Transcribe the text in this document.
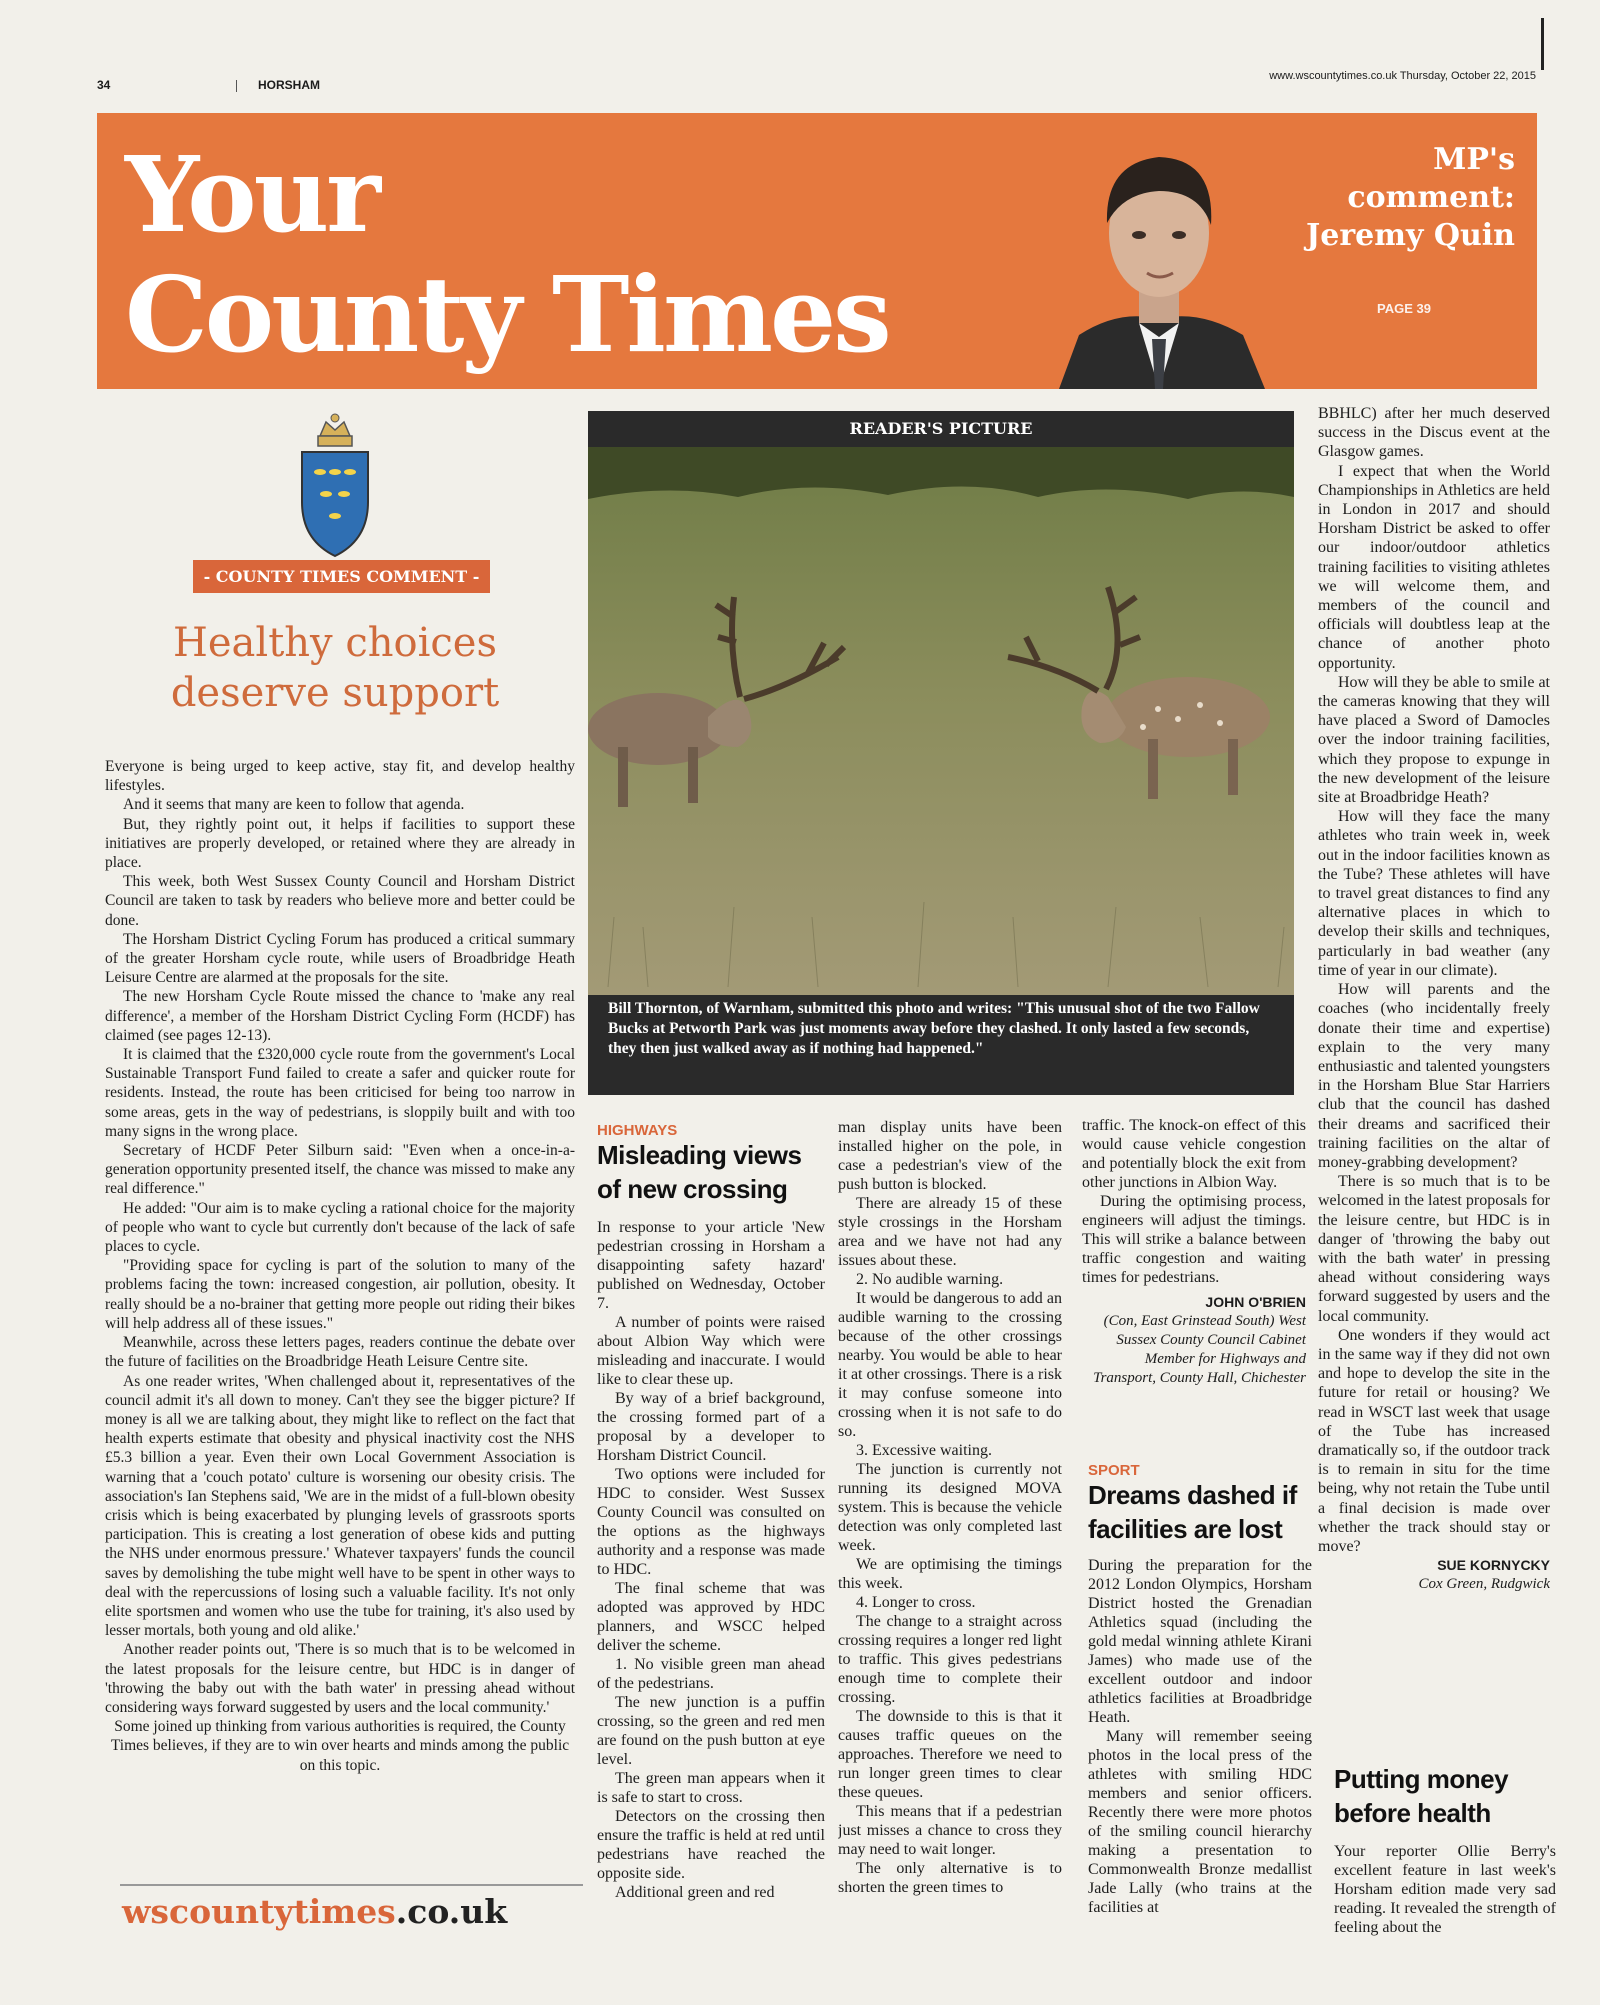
34	HORSHAM
www.wscountytimes.co.uk Thursday, October 22, 2015
Your
County Times
MP's
comment:
Jeremy Quin
PAGE 39
- COUNTY TIMES COMMENT -
Healthy choices
deserve support

Everyone is being urged to keep active, stay fit, and develop healthy lifestyles.

And it seems that many are keen to follow that agenda.

But, they rightly point out, it helps if facilities to support these initiatives are properly developed, or retained where they are already in place.

This week, both West Sussex County Council and Horsham District Council are taken to task by readers who believe more and better could be done.

The Horsham District Cycling Forum has produced a critical summary of the greater Horsham cycle route, while users of Broadbridge Heath Leisure Centre are alarmed at the proposals for the site.

The new Horsham Cycle Route missed the chance to 'make any real difference', a member of the Horsham District Cycling Form (HCDF) has claimed (see pages 12-13).

It is claimed that the £320,000 cycle route from the government's Local Sustainable Transport Fund failed to create a safer and quicker route for residents. Instead, the route has been criticised for being too narrow in some areas, gets in the way of pedestrians, is sloppily built and with too many signs in the wrong place.

Secretary of HCDF Peter Silburn said: "Even when a once-in-a-generation opportunity presented itself, the chance was missed to make any real difference."

He added: "Our aim is to make cycling a rational choice for the majority of people who want to cycle but currently don't because of the lack of safe places to cycle.

"Providing space for cycling is part of the solution to many of the problems facing the town: increased congestion, air pollution, obesity. It really should be a no-brainer that getting more people out riding their bikes will help address all of these issues."

Meanwhile, across these letters pages, readers continue the debate over the future of facilities on the Broadbridge Heath Leisure Centre site.

As one reader writes, 'When challenged about it, representatives of the council admit it's all down to money. Can't they see the bigger picture? If money is all we are talking about, they might like to reflect on the fact that health experts estimate that obesity and physical inactivity cost the NHS £5.3 billion a year. Even their own Local Government Association is warning that a 'couch potato' culture is worsening our obesity crisis. The association's Ian Stephens said, 'We are in the midst of a full-blown obesity crisis which is being exacerbated by plunging levels of grassroots sports participation. This is creating a lost generation of obese kids and putting the NHS under enormous pressure.' Whatever taxpayers' funds the council saves by demolishing the tube might well have to be spent in other ways to deal with the repercussions of losing such a valuable facility. It's not only elite sportsmen and women who use the tube for training, it's also used by lesser mortals, both young and old alike.'

Another reader points out, 'There is so much that is to be welcomed in the latest proposals for the leisure centre, but HDC is in danger of 'throwing the baby out with the bath water' in pressing ahead without considering ways forward suggested by users and the local community.'

Some joined up thinking from various authorities is required, the County Times believes, if they are to win over hearts and minds among the public on this topic.

wscountytimes.co.uk
READER'S PICTURE
Bill Thornton, of Warnham, submitted this photo and writes: "This unusual shot of the two Fallow Bucks at Petworth Park was just moments away before they clashed. It only lasted a few seconds, they then just walked away as if nothing had happened."
HIGHWAYS
Misleading views
of new crossing

In response to your article 'New pedestrian crossing in Horsham a disappointing safety hazard' published on Wednesday, October 7.

A number of points were raised about Albion Way which were misleading and inaccurate. I would like to clear these up.

By way of a brief background, the crossing formed part of a proposal by a developer to Horsham District Council.

Two options were included for HDC to consider. West Sussex County Council was consulted on the options as the highways authority and a response was made to HDC.

The final scheme that was adopted was approved by HDC planners, and WSCC helped deliver the scheme.

1. No visible green man ahead of the pedestrians.

The new junction is a puffin crossing, so the green and red men are found on the push button at eye level.

The green man appears when it is safe to start to cross.

Detectors on the crossing then ensure the traffic is held at red until pedestrians have reached the opposite side.

Additional green and red

man display units have been installed higher on the pole, in case a pedestrian's view of the push button is blocked.

There are already 15 of these style crossings in the Horsham area and we have not had any issues about these.

2. No audible warning.

It would be dangerous to add an audible warning to the crossing because of the other crossings nearby. You would be able to hear it at other crossings. There is a risk it may confuse someone into crossing when it is not safe to do so.

3. Excessive waiting.

The junction is currently not running its designed MOVA system. This is because the vehicle detection was only completed last week.

We are optimising the timings this week.

4. Longer to cross.

The change to a straight across crossing requires a longer red light to traffic. This gives pedestrians enough time to complete their crossing.

The downside to this is that it causes traffic queues on the approaches. Therefore we need to run longer green times to clear these queues.

This means that if a pedestrian just misses a chance to cross they may need to wait longer.

The only alternative is to shorten the green times to

traffic. The knock-on effect of this would cause vehicle congestion and potentially block the exit from other junctions in Albion Way.

During the optimising process, engineers will adjust the timings. This will strike a balance between traffic congestion and waiting times for pedestrians.

JOHN O'BRIEN
(Con, East Grinstead South) West Sussex County Council Cabinet Member for Highways and Transport, County Hall, Chichester
SPORT
Dreams dashed if
facilities are lost

During the preparation for the 2012 London Olympics, Horsham District hosted the Grenadian Athletics squad (including the gold medal winning athlete Kirani James) who made use of the excellent outdoor and indoor athletics facilities at Broadbridge Heath.

Many will remember seeing photos in the local press of the athletes with smiling HDC members and senior officers. Recently there were more photos of the smiling council hierarchy making a presentation to Commonwealth Bronze medallist Jade Lally (who trains at the facilities at

BBHLC) after her much deserved success in the Discus event at the Glasgow games.

I expect that when the World Championships in Athletics are held in London in 2017 and should Horsham District be asked to offer our indoor/outdoor athletics training facilities to visiting athletes we will welcome them, and members of the council and officials will doubtless leap at the chance of another photo opportunity.

How will they be able to smile at the cameras knowing that they will have placed a Sword of Damocles over the indoor training facilities, which they propose to expunge in the new development of the leisure site at Broadbridge Heath?

How will they face the many athletes who train week in, week out in the indoor facilities known as the Tube? These athletes will have to travel great distances to find any alternative places in which to develop their skills and techniques, particularly in bad weather (any time of year in our climate).

How will parents and the coaches (who incidentally freely donate their time and expertise) explain to the very many enthusiastic and talented youngsters in the Horsham Blue Star Harriers club that the council has dashed their dreams and sacrificed their training facilities on the altar of money-grabbing development?

There is so much that is to be welcomed in the latest proposals for the leisure centre, but HDC is in danger of 'throwing the baby out with the bath water' in pressing ahead without considering ways forward suggested by users and the local community.

One wonders if they would act in the same way if they did not own and hope to develop the site in the future for retail or housing? We read in WSCT last week that usage of the Tube has increased dramatically so, if the outdoor track is to remain in situ for the time being, why not retain the Tube until a final decision is made over whether the track should stay or move?

SUE KORNYCKY
Cox Green, Rudgwick
Putting money
before health

Your reporter Ollie Berry's excellent feature in last week's Horsham edition made very sad reading. It revealed the strength of feeling about the
